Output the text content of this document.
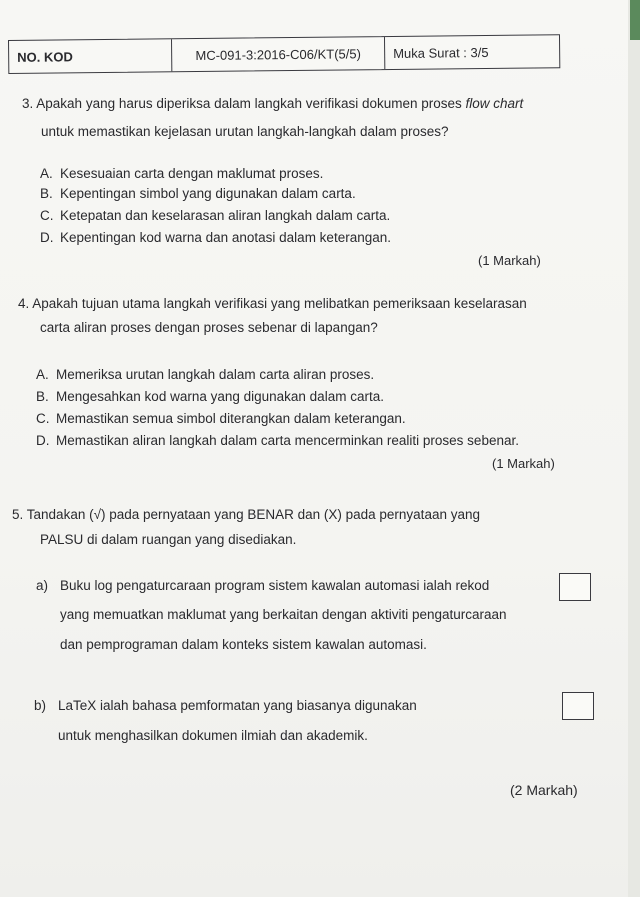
NO. KOD	MC-091-3:2016-C06/KT(5/5)	Muka Surat : 3/5
3. Apakah yang harus diperiksa dalam langkah verifikasi dokumen proses flow chart
untuk memastikan kejelasan urutan langkah-langkah dalam proses?
A. Kesesuaian carta dengan maklumat proses.
B. Kepentingan simbol yang digunakan dalam carta.
C. Ketepatan dan keselarasan aliran langkah dalam carta.
D. Kepentingan kod warna dan anotasi dalam keterangan.
(1 Markah)
4. Apakah tujuan utama langkah verifikasi yang melibatkan pemeriksaan keselarasan
carta aliran proses dengan proses sebenar di lapangan?
A. Memeriksa urutan langkah dalam carta aliran proses.
B. Mengesahkan kod warna yang digunakan dalam carta.
C. Memastikan semua simbol diterangkan dalam keterangan.
D. Memastikan aliran langkah dalam carta mencerminkan realiti proses sebenar.
(1 Markah)
5. Tandakan (√) pada pernyataan yang BENAR dan (X) pada pernyataan yang
PALSU di dalam ruangan yang disediakan.
a) Buku log pengaturcaraan program sistem kawalan automasi ialah rekod
yang memuatkan maklumat yang berkaitan dengan aktiviti pengaturcaraan
dan pemprograman dalam konteks sistem kawalan automasi.
b) LaTeX ialah bahasa pemformatan yang biasanya digunakan
untuk menghasilkan dokumen ilmiah dan akademik.
(2 Markah)
